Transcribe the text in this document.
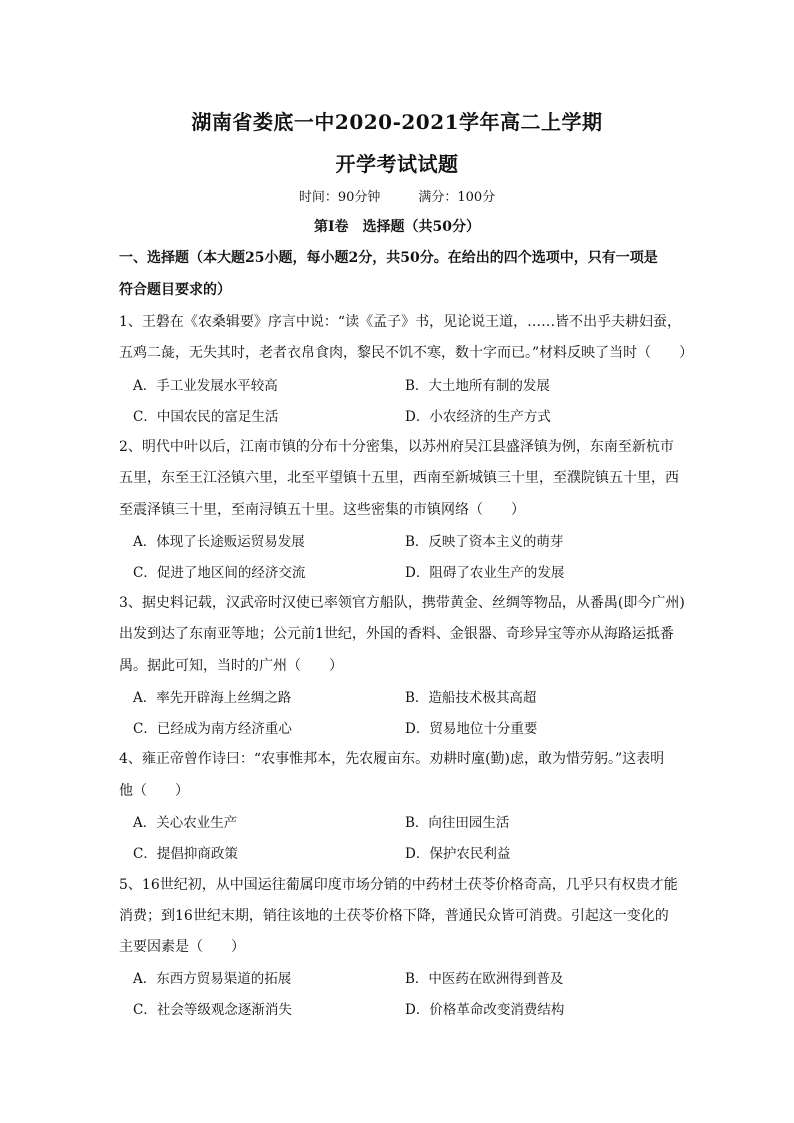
湖南省娄底一中2020-2021学年高二上学期
开学考试试题
时间：90分钟	满分：100分
第Ⅰ卷　选择题（共50分）
一、选择题（本大题25小题，每小题2分，共50分。在给出的四个选项中，只有一项是
符合题目要求的）
1、王磐在《农桑辑要》序言中说：“读《孟子》书，见论说王道，……皆不出乎夫耕妇蚕，
五鸡二彘，无失其时，老者衣帛食肉，黎民不饥不寒，数十字而已。”材料反映了当时（　　）
A．手工业发展水平较高	B．大土地所有制的发展
C．中国农民的富足生活	D．小农经济的生产方式
2、明代中叶以后，江南市镇的分布十分密集，以苏州府吴江县盛泽镇为例，东南至新杭市
五里，东至王江泾镇六里，北至平望镇十五里，西南至新城镇三十里，至濮院镇五十里，西
至震泽镇三十里，至南浔镇五十里。这些密集的市镇网络（　　）
A．体现了长途贩运贸易发展	B．反映了资本主义的萌芽
C．促进了地区间的经济交流	D．阻碍了农业生产的发展
3、据史料记载，汉武帝时汉使已率领官方船队，携带黄金、丝绸等物品，从番禺(即今广州)
出发到达了东南亚等地；公元前1世纪，外国的香料、金银器、奇珍异宝等亦从海路运抵番
禺。据此可知，当时的广州（　　）
A．率先开辟海上丝绸之路	B．造船技术极其高超
C．已经成为南方经济重心	D．贸易地位十分重要
4、雍正帝曾作诗曰：“农事惟邦本，先农履亩东。劝耕时廑(勤)虑，敢为惜劳躬。”这表明
他（　　）
A．关心农业生产	B．向往田园生活
C．提倡抑商政策	D．保护农民利益
5、16世纪初，从中国运往葡属印度市场分销的中药材土茯苓价格奇高，几乎只有权贵才能
消费；到16世纪末期，销往该地的土茯苓价格下降，普通民众皆可消费。引起这一变化的
主要因素是（　　）
A．东西方贸易渠道的拓展	B．中医药在欧洲得到普及
C．社会等级观念逐渐消失	D．价格革命改变消费结构
